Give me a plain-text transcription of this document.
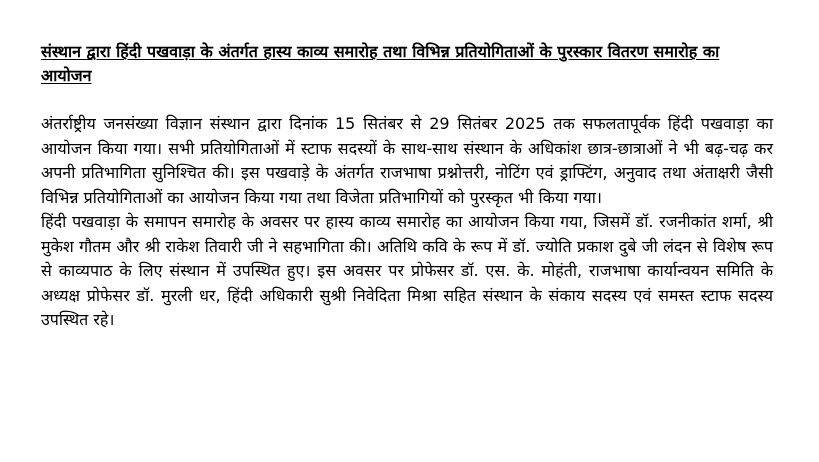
संस्थान द्वारा हिंदी पखवाड़ा के अंतर्गत हास्य काव्य समारोह तथा विभिन्न प्रतियोगिताओं के पुरस्कार वितरण समारोह का आयोजन

अंतर्राष्ट्रीय जनसंख्या विज्ञान संस्थान द्वारा दिनांक 15 सितंबर से 29 सितंबर 2025 तक सफलतापूर्वक हिंदी पखवाड़ा का आयोजन किया गया। सभी प्रतियोगिताओं में स्टाफ सदस्यों के साथ-साथ संस्थान के अधिकांश छात्र-छात्राओं ने भी बढ़-चढ़ कर अपनी प्रतिभागिता सुनिश्चित की। इस पखवाड़े के अंतर्गत राजभाषा प्रश्नोत्तरी, नोटिंग एवं ड्राफ्टिंग, अनुवाद तथा अंताक्षरी जैसी विभिन्न प्रतियोगिताओं का आयोजन किया गया तथा विजेता प्रतिभागियों को पुरस्कृत भी किया गया।

हिंदी पखवाड़ा के समापन समारोह के अवसर पर हास्य काव्य समारोह का आयोजन किया गया, जिसमें डॉ. रजनीकांत शर्मा, श्री मुकेश गौतम और श्री राकेश तिवारी जी ने सहभागिता की। अतिथि कवि के रूप में डॉ. ज्योति प्रकाश दुबे जी लंदन से विशेष रूप से काव्यपाठ के लिए संस्थान में उपस्थित हुए। इस अवसर पर प्रोफेसर डॉ. एस. के. मोहंती, राजभाषा कार्यान्वयन समिति के अध्यक्ष प्रोफेसर डॉ. मुरली धर, हिंदी अधिकारी सुश्री निवेदिता मिश्रा सहित संस्थान के संकाय सदस्य एवं समस्त स्टाफ सदस्य उपस्थित रहे।
